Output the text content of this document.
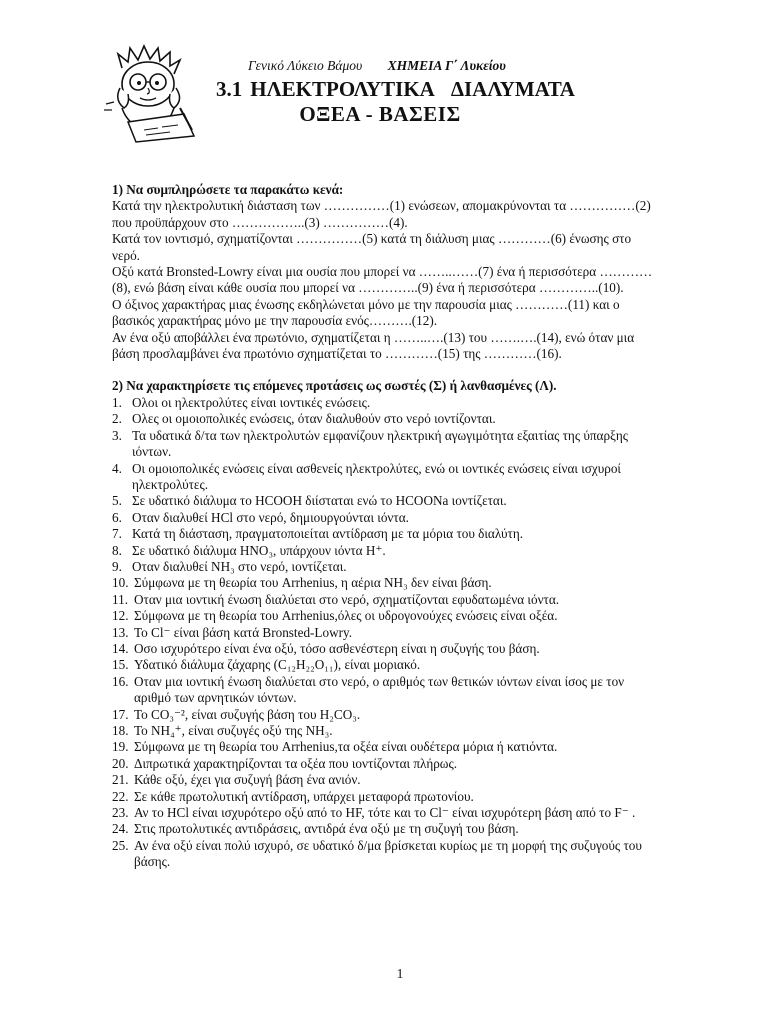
Γενικό Λύκειο Βάμου ΧΗΜΕΙΑ Γ΄ Λυκείου
3.1 ΗΛΕΚΤΡΟΛΥΤΙΚΑ ΔΙΑΛΥΜΑΤΑ
ΟΞΕΑ - ΒΑΣΕΙΣ

1) Να συμπληρώσετε τα παρακάτω κενά:

Κατά την ηλεκτρολυτική διάσταση των ……………(1) ενώσεων, απομακρύνονται τα ……………(2) που προϋπάρχουν στο ……………..(3) ……………(4).

Κατά τον ιοντισμό, σχηματίζονται ……………(5) κατά τη διάλυση μιας …………(6) ένωσης στο νερό.

Οξύ κατά Bronsted-Lowry είναι μια ουσία που μπορεί να ……..……(7) ένα ή περισσότερα …………(8), ενώ βάση είναι κάθε ουσία που μπορεί να …………..(9) ένα ή περισσότερα …………..(10).

Ο όξινος χαρακτήρας μιας ένωσης εκδηλώνεται μόνο με την παρουσία μιας …………(11) και ο βασικός χαρακτήρας μόνο με την παρουσία ενός……….(12).

Αν ένα οξύ αποβάλλει ένα πρωτόνιο, σχηματίζεται η ……..….(13) του …….….(14), ενώ όταν μια βάση προσλαμβάνει ένα πρωτόνιο σχηματίζεται το …………(15) της …………(16).

2) Να χαρακτηρίσετε τις επόμενες προτάσεις ως σωστές (Σ) ή λανθασμένες (Λ).

1. Ολοι οι ηλεκτρολύτες είναι ιοντικές ενώσεις.
2. Ολες οι ομοιοπολικές ενώσεις, όταν διαλυθούν στο νερό ιοντίζονται.
3. Τα υδατικά δ/τα των ηλεκτρολυτών εμφανίζουν ηλεκτρική αγωγιμότητα εξαιτίας της ύπαρξης ιόντων.
4. Οι ομοιοπολικές ενώσεις είναι ασθενείς ηλεκτρολύτες, ενώ οι ιοντικές ενώσεις είναι ισχυροί ηλεκτρολύτες.
5. Σε υδατικό διάλυμα το HCOOH διίσταται ενώ το HCOONa ιοντίζεται.
6. Οταν διαλυθεί HCl στο νερό, δημιουργούνται ιόντα.
7. Κατά τη διάσταση, πραγματοποιείται αντίδραση με τα μόρια του διαλύτη.
8. Σε υδατικό διάλυμα HNO₃, υπάρχουν ιόντα H⁺.
9. Οταν διαλυθεί NH₃ στο νερό, ιοντίζεται.
10. Σύμφωνα με τη θεωρία του Arrhenius, η αέρια NH₃ δεν είναι βάση.
11. Οταν μια ιοντική ένωση διαλύεται στο νερό, σχηματίζονται εφυδατωμένα ιόντα.
12. Σύμφωνα με τη θεωρία του Arrhenius,όλες οι υδρογονούχες ενώσεις είναι οξέα.
13. Το Cl⁻ είναι βάση κατά Bronsted-Lowry.
14. Οσο ισχυρότερο είναι ένα οξύ, τόσο ασθενέστερη είναι η συζυγής του βάση.
15. Υδατικό διάλυμα ζάχαρης (C₁₂H₂₂O₁₁), είναι μοριακό.
16. Οταν μια ιοντική ένωση διαλύεται στο νερό, ο αριθμός των θετικών ιόντων είναι ίσος με τον αριθμό των αρνητικών ιόντων.
17. Το CO₃⁻², είναι συζυγής βάση του H₂CO₃.
18. Το NH₄⁺, είναι συζυγές οξύ της NH₃.
19. Σύμφωνα με τη θεωρία του Arrhenius,τα οξέα είναι ουδέτερα μόρια ή κατιόντα.
20. Διπρωτικά χαρακτηρίζονται τα οξέα που ιοντίζονται πλήρως.
21. Κάθε οξύ, έχει για συζυγή βάση ένα ανιόν.
22. Σε κάθε πρωτολυτική αντίδραση, υπάρχει μεταφορά πρωτονίου.
23. Αν το HCl είναι ισχυρότερο οξύ από το HF, τότε και το Cl⁻ είναι ισχυρότερη βάση από το F⁻ .
24. Στις πρωτολυτικές αντιδράσεις, αντιδρά ένα οξύ με τη συζυγή του βάση.
25. Αν ένα οξύ είναι πολύ ισχυρό, σε υδατικό δ/μα βρίσκεται κυρίως με τη μορφή της συζυγούς του βάσης.
1
